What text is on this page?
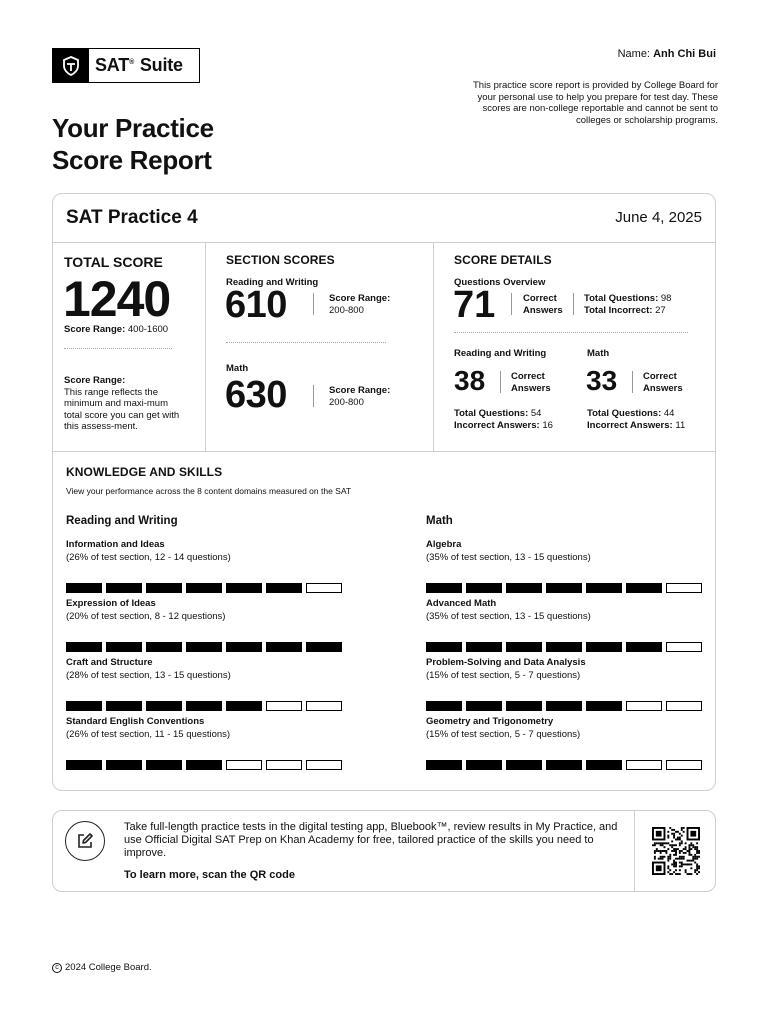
SAT®
Suite
Name: Anh Chi Bui
This practice score report is provided by College Board for your personal use to help you prepare for test day. These scores are non-college reportable and cannot be sent to colleges or scholarship programs.
Your Practice
Score Report
SAT Practice 4	June 4, 2025
TOTAL SCORE
1240
Score Range: 400-1600
Score Range:
This range reflects the minimum and maxi-mum total score you can get with this assess-ment.
SECTION SCORES
Reading and Writing
610	Score Range:
200-800
Math
630	Score Range:
200-800
SCORE DETAILS
Questions Overview
71	Correct
Answers
Total Questions: 98
Total Incorrect: 27
Reading and Writing
38	Correct
Answers
Total Questions: 54
Incorrect Answers: 16
Math
33	Correct
Answers
Total Questions: 44
Incorrect Answers: 11
KNOWLEDGE AND SKILLS
View your performance across the 8 content domains measured on the SAT
Reading and Writing
Information and Ideas
(26% of test section, 12 - 14 questions)
Expression of Ideas
(20% of test section, 8 - 12 questions)
Craft and Structure
(28% of test section, 13 - 15 questions)
Standard English Conventions
(26% of test section, 11 - 15 questions)
Math
Algebra
(35% of test section, 13 - 15 questions)
Advanced Math
(35% of test section, 13 - 15 questions)
Problem-Solving and Data Analysis
(15% of test section, 5 - 7 questions)
Geometry and Trigonometry
(15% of test section, 5 - 7 questions)
Take full-length practice tests in the digital testing app, Bluebook™, review results in My Practice, and use Official Digital SAT Prep on Khan Academy for free, tailored practice of the skills you need to improve.
To learn more, scan the QR code
c 2024 College Board.
